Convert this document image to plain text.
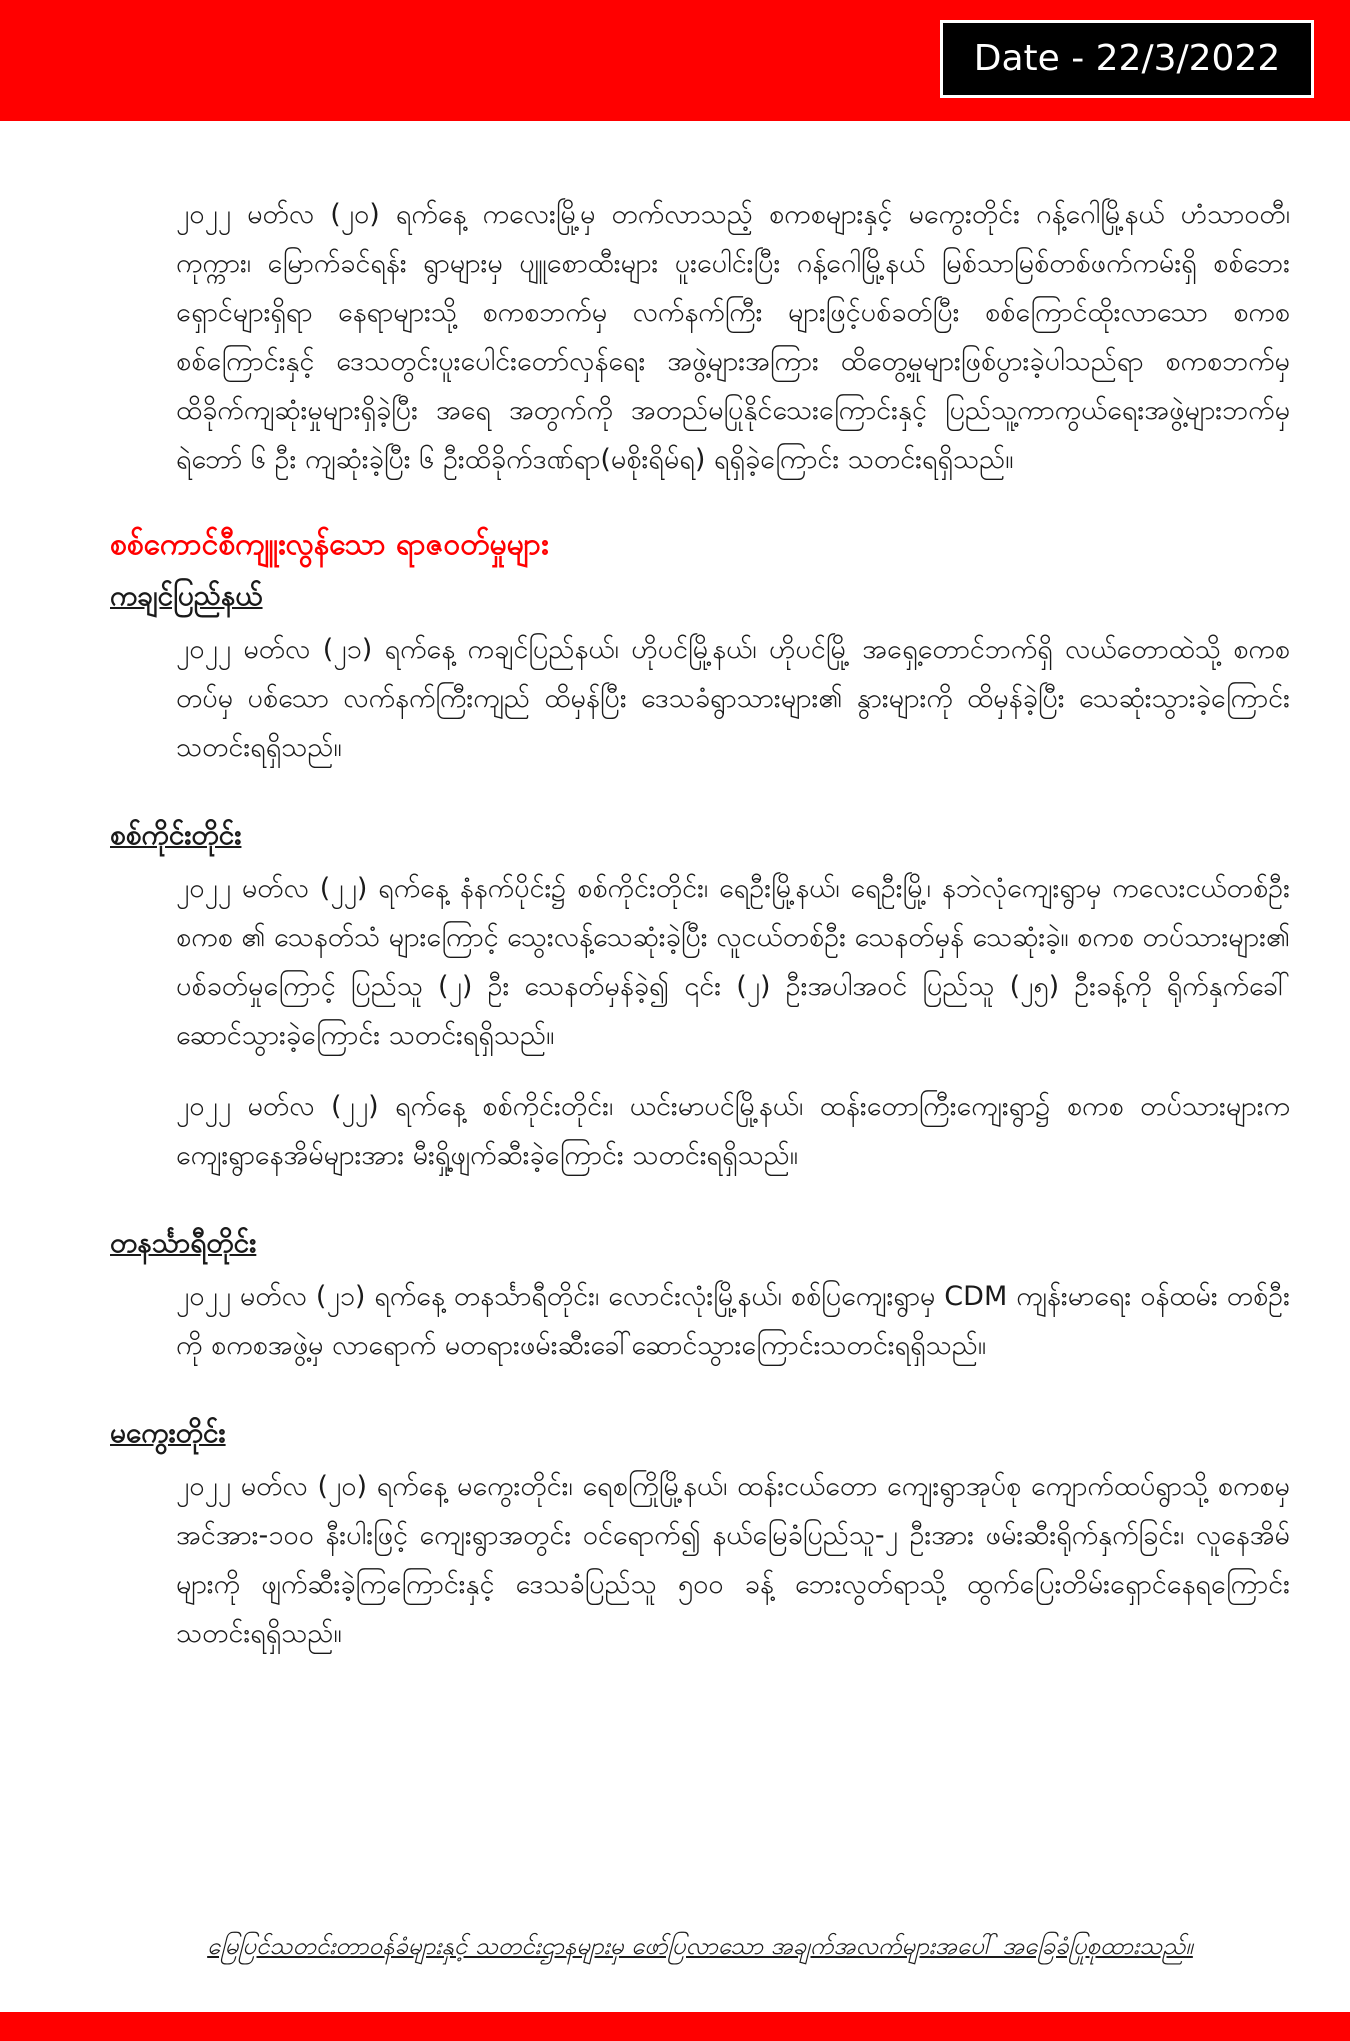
Date - 22/3/2022

၂၀၂၂ မတ်လ (၂၀) ရက်နေ့ ကလေးမြို့မှ တက်လာသည့် စကစများနှင့် မကွေးတိုင်း ဂန့်ဂေါမြို့နယ် ဟံသာဝတီ၊ ကုက္ကား၊ မြောက်ခင်ရန်း ရွာများမှ ပျူစောထီးများ ပူးပေါင်းပြီး ဂန့်ဂေါမြို့နယ် မြစ်သာမြစ်တစ်ဖက်ကမ်းရှိ စစ်ဘေးရှောင်များရှိရာ နေရာများသို့ စကစဘက်မှ လက်နက်ကြီး များဖြင့်ပစ်ခတ်ပြီး စစ်ကြောင်ထိုးလာသော စကစ စစ်ကြောင်းနှင့် ဒေသတွင်းပူးပေါင်းတော်လှန်ရေး အဖွဲ့များအကြား ထိတွေ့မှုများဖြစ်ပွားခဲ့ပါသည်ရာ စကစဘက်မှ ထိခိုက်ကျဆုံးမှုများရှိခဲ့ပြီး အရေ အတွက်ကို အတည်မပြုနိုင်သေးကြောင်းနှင့် ပြည်သူ့ကာကွယ်ရေးအဖွဲ့များဘက်မှ ရဲဘော် ၆ ဦး ကျဆုံးခဲ့ပြီး ၆ ဦးထိခိုက်ဒဏ်ရာ(မစိုးရိမ်ရ) ရရှိခဲ့ကြောင်း သတင်းရရှိသည်။

စစ်ကောင်စီကျူးလွန်သော ရာဇဝတ်မှုများ
ကချင်ပြည်နယ်

၂၀၂၂ မတ်လ (၂၁) ရက်နေ့ ကချင်ပြည်နယ်၊ ဟိုပင်မြို့နယ်၊ ဟိုပင်မြို့ အရှေ့တောင်ဘက်ရှိ လယ်တောထဲသို့ စကစတပ်မှ ပစ်သော လက်နက်ကြီးကျည် ထိမှန်ပြီး ဒေသခံရွာသားများ၏ နွားများကို ထိမှန်ခဲ့ပြီး သေဆုံးသွားခဲ့ကြောင်း သတင်းရရှိသည်။

စစ်ကိုင်းတိုင်း

၂၀၂၂ မတ်လ (၂၂) ရက်နေ့ နံနက်ပိုင်း၌ စစ်ကိုင်းတိုင်း၊ ရေဦးမြို့နယ်၊ ရေဦးမြို့၊ နဘဲလုံကျေးရွာမှ ကလေးငယ်တစ်ဦး စကစ ၏ သေနတ်သံ များကြောင့် သွေးလန့်သေဆုံးခဲ့ပြီး လူငယ်တစ်ဦး သေနတ်မှန် သေဆုံးခဲ့။ စကစ တပ်သားများ၏ ပစ်ခတ်မှုကြောင့် ပြည်သူ (၂) ဦး သေနတ်မှန်ခဲ့၍ ၎င်း (၂) ဦးအပါအဝင် ပြည်သူ (၂၅) ဦးခန့်ကို ရိုက်နှက်ခေါ်ဆောင်သွားခဲ့ကြောင်း သတင်းရရှိသည်။

၂၀၂၂ မတ်လ (၂၂) ရက်နေ့ စစ်ကိုင်းတိုင်း၊ ယင်းမာပင်မြို့နယ်၊ ထန်းတောကြီးကျေးရွာ၌ စကစ တပ်သားများက ကျေးရွာနေအိမ်များအား မီးရှို့ဖျက်ဆီးခဲ့ကြောင်း သတင်းရရှိသည်။

တနင်္သာရီတိုင်း

၂၀၂၂ မတ်လ (၂၁) ရက်နေ့ တနင်္သာရီတိုင်း၊ လောင်းလုံးမြို့နယ်၊ စစ်ပြကျေးရွာမှ CDM ကျန်းမာရေး ဝန်ထမ်း တစ်ဦးကို စကစအဖွဲ့မှ လာရောက် မတရားဖမ်းဆီးခေါ်ဆောင်သွားကြောင်းသတင်းရရှိသည်။

မကွေးတိုင်း

၂၀၂၂ မတ်လ (၂၀) ရက်နေ့ မကွေးတိုင်း၊ ရေစကြိုမြို့နယ်၊ ထန်းငယ်တော ကျေးရွာအုပ်စု ကျောက်ထပ်ရွာသို့ စကစမှ အင်အား-၁၀၀ နီးပါးဖြင့် ကျေးရွာအတွင်း ဝင်ရောက်၍ နယ်မြေခံပြည်သူ-၂ ဦးအား ဖမ်းဆီးရိုက်နှက်ခြင်း၊ လူနေအိမ်များကို ဖျက်ဆီးခဲ့ကြကြောင်းနှင့် ဒေသခံပြည်သူ ၅၀၀ ခန့် ဘေးလွတ်ရာသို့ ထွက်ပြေးတိမ်းရှောင်နေရကြောင်း သတင်းရရှိသည်။

မြေပြင်သတင်းတာဝန်ခံများနှင့် သတင်းဌာနများမှ ဖော်ပြလာသော အချက်အလက်များအပေါ် အခြေခံပြုစုထားသည်။
